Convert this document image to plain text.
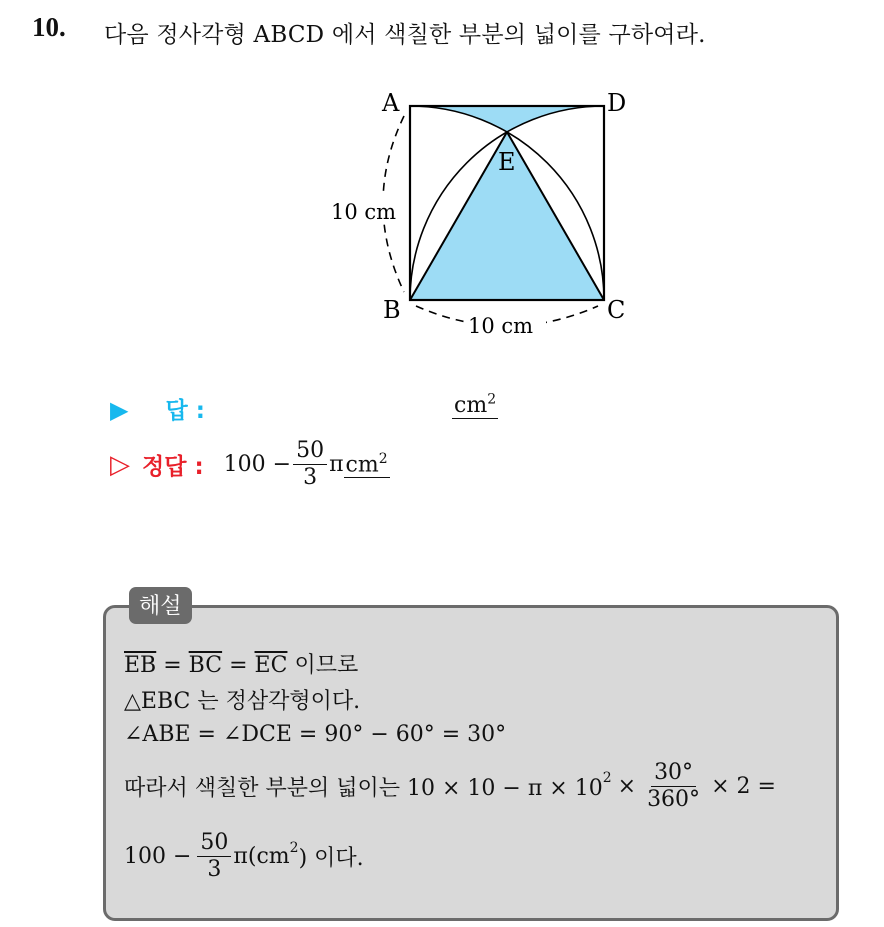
10. 다음 정사각형 ABCD 에서 색칠한 부분의 넓이를 구하여라.
A	D
E
B	C
10 cm
10 cm
▶ 답 :	$cm^2$
▷ 정답 : $100 - \frac{50}{3}$ π $cm^2$
해설
$\overline{EB} = \overline{BC} = \overline{EC}$ 이므로
△EBC 는 정삼각형이다.
∠ABE = ∠DCE = 90° − 60° = 30°
따라서 색칠한 부분의 넓이는 $10 \times 10 - \pi \times 10^2 \times \frac{30^\circ}{360^\circ} \times 2$ =
$100 - \frac{50}{3} \pi(cm^2$ ) 이다.
